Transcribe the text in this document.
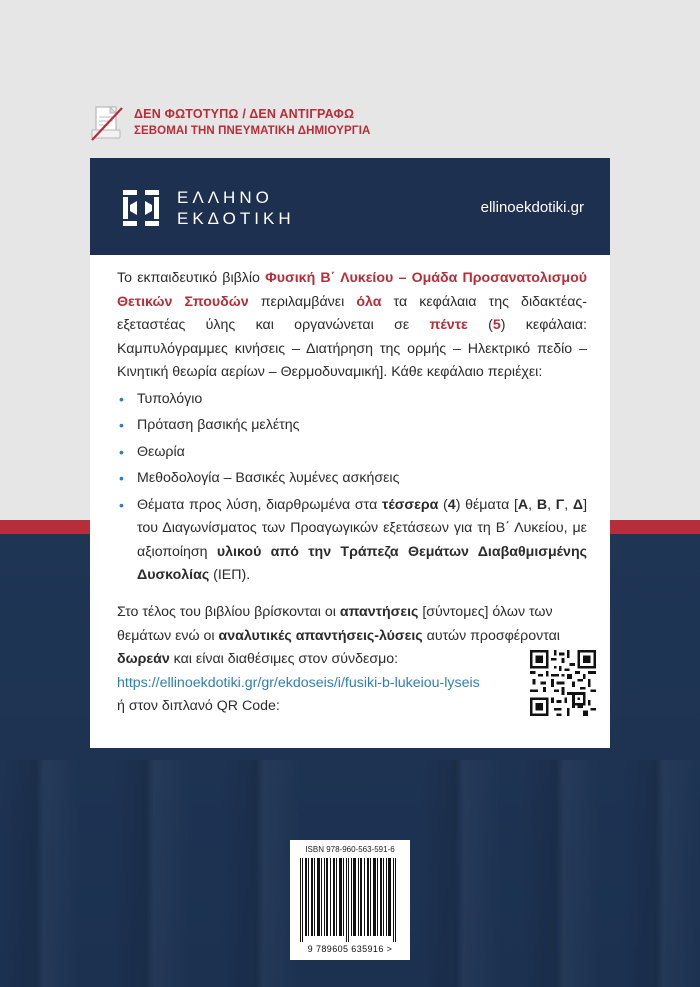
ΔΕΝ ΦΩΤΟΤΥΠΩ / ΔΕΝ ΑΝΤΙΓΡΑΦΩ
ΣΕΒΟΜΑΙ ΤΗΝ ΠΝΕΥΜΑΤΙΚΗ ΔΗΜΙΟΥΡΓΙΑ
ΕΛΛΗΝΟ
ΕΚΔΟΤΙΚΗ
ellinoekdotiki.gr

Το εκπαιδευτικό βιβλίο Φυσική Β΄ Λυκείου – Ομάδα Προσανατολισμού Θετικών Σπουδών περιλαμβάνει όλα τα κεφάλαια της διδακτέας-εξεταστέας ύλης και οργανώνεται σε πέντε (5) κεφάλαια: Καμπυλόγραμμες κινήσεις – Διατήρηση της ορμής – Ηλεκτρικό πεδίο – Κινητική θεωρία αερίων – Θερμοδυναμική]. Κάθε κεφάλαιο περιέχει:

• Τυπολόγιο
• Πρόταση βασικής μελέτης
• Θεωρία
• Μεθοδολογία – Βασικές λυμένες ασκήσεις
• Θέματα προς λύση, διαρθρωμένα στα τέσσερα (4) θέματα [Α, Β, Γ, Δ] του Διαγωνίσματος των Προαγωγικών εξετάσεων για τη Β΄ Λυκείου, με αξιοποίηση υλικού από την Τράπεζα Θεμάτων Διαβαθμισμένης Δυσκολίας (ΙΕΠ).

Στο τέλος του βιβλίου βρίσκονται οι απαντήσεις [σύντομες] όλων των θεμάτων ενώ οι αναλυτικές απαντήσεις-λύσεις αυτών προσφέρονται δωρεάν και είναι διαθέσιμες στον σύνδεσμο:

https://ellinoekdotiki.gr/gr/ekdoseis/i/fusiki-b-lukeiou-lyseis

ή στον διπλανό QR Code:

ISBN 978-960-563-591-6
9 789605 635916 >
